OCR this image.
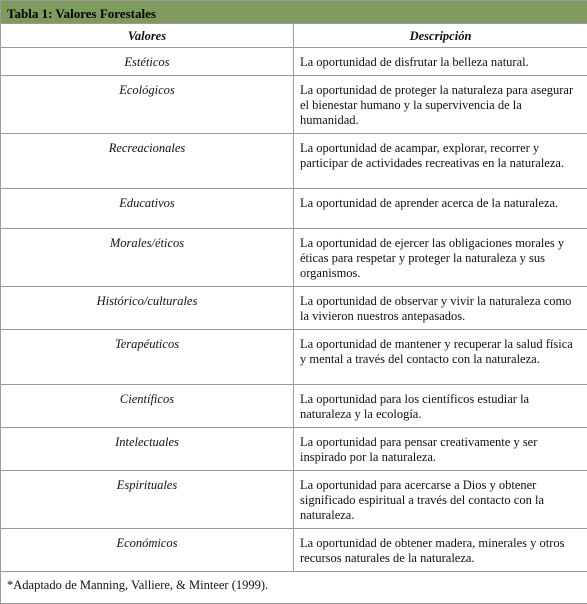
Tabla 1: Valores Forestales	
Valores	Descripción
Estéticos	La oportunidad de disfrutar la belleza natural.
Ecológicos	La oportunidad de proteger la naturaleza para asegurar el bienestar humano y la supervivencia de la humanidad.
Recreacionales	La oportunidad de acampar, explorar, recorrer y participar de actividades recreativas en la naturaleza.
Educativos	La oportunidad de aprender acerca de la naturaleza.
Morales/éticos	La oportunidad de ejercer las obligaciones morales y éticas para respetar y proteger la naturaleza y sus organismos.
Histórico/culturales	La oportunidad de observar y vivir la naturaleza como la vivieron nuestros antepasados.
Terapéuticos	La oportunidad de mantener y recuperar la salud física y mental a través del contacto con la naturaleza.
Científicos	La oportunidad para los científicos estudiar la naturaleza y la ecología.
Intelectuales	La oportunidad para pensar creativamente y ser inspirado por la naturaleza.
Espirituales	La oportunidad para acercarse a Dios y obtener significado espiritual a través del contacto con la naturaleza.
Económicos	La oportunidad de obtener madera, minerales y otros recursos naturales de la naturaleza.
*Adaptado de Manning, Valliere, & Minteer (1999).	
